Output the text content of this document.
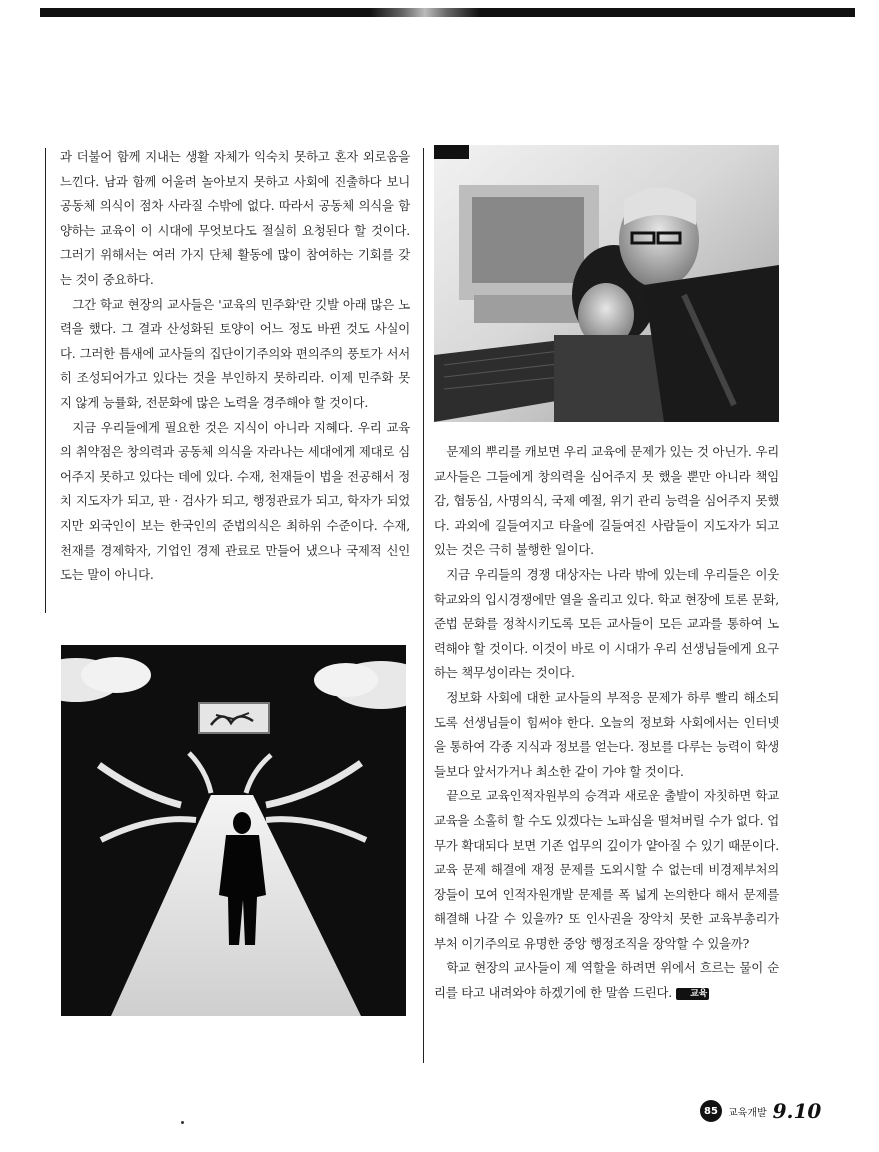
과 더불어 함께 지내는 생활 자체가 익숙치 못하고 혼자 외로움을 느낀다. 남과 함께 어울려 놀아보지 못하고 사회에 진출하다 보니 공동체 의식이 점차 사라질 수밖에 없다. 따라서 공동체 의식을 함양하는 교육이 이 시대에 무엇보다도 절실히 요청된다 할 것이다. 그러기 위해서는 여러 가지 단체 활동에 많이 참여하는 기회를 갖는 것이 중요하다.

그간 학교 현장의 교사들은 '교육의 민주화'란 깃발 아래 많은 노력을 했다. 그 결과 산성화된 토양이 어느 정도 바뀐 것도 사실이다. 그러한 틈새에 교사들의 집단이기주의와 편의주의 풍토가 서서히 조성되어가고 있다는 것을 부인하지 못하리라. 이제 민주화 못지 않게 능률화, 전문화에 많은 노력을 경주해야 할 것이다.

지금 우리들에게 필요한 것은 지식이 아니라 지혜다. 우리 교육의 취약점은 창의력과 공동체 의식을 자라나는 세대에게 제대로 심어주지 못하고 있다는 데에 있다. 수재, 천재들이 법을 전공해서 정치 지도자가 되고, 판 · 검사가 되고, 행정관료가 되고, 학자가 되었지만 외국인이 보는 한국인의 준법의식은 최하위 수준이다. 수재, 천재를 경제학자, 기업인 경제 관료로 만들어 냈으나 국제적 신인도는 말이 아니다.

문제의 뿌리를 캐보면 우리 교육에 문제가 있는 것 아닌가. 우리 교사들은 그들에게 창의력을 심어주지 못 했을 뿐만 아니라 책임감, 협동심, 사명의식, 국제 예절, 위기 관리 능력을 심어주지 못했다. 과외에 길들여지고 타율에 길들여진 사람들이 지도자가 되고 있는 것은 극히 불행한 일이다.

지금 우리들의 경쟁 대상자는 나라 밖에 있는데 우리들은 이웃 학교와의 입시경쟁에만 열을 올리고 있다. 학교 현장에 토론 문화, 준법 문화를 정착시키도록 모든 교사들이 모든 교과를 통하여 노력해야 할 것이다. 이것이 바로 이 시대가 우리 선생님들에게 요구하는 책무성이라는 것이다.

정보화 사회에 대한 교사들의 부적응 문제가 하루 빨리 해소되도록 선생님들이 힘써야 한다. 오늘의 정보화 사회에서는 인터넷을 통하여 각종 지식과 정보를 얻는다. 정보를 다루는 능력이 학생들보다 앞서가거나 최소한 같이 가야 할 것이다.

끝으로 교육인적자원부의 승격과 새로운 출발이 자칫하면 학교교육을 소홀히 할 수도 있겠다는 노파심을 떨쳐버릴 수가 없다. 업무가 확대되다 보면 기존 업무의 깊이가 얕아질 수 있기 때문이다. 교육 문제 해결에 재정 문제를 도외시할 수 없는데 비경제부처의 장들이 모여 인적자원개발 문제를 폭 넓게 논의한다 해서 문제를 해결해 나갈 수 있을까? 또 인사권을 장악치 못한 교육부총리가 부처 이기주의로 유명한 중앙 행정조직을 장악할 수 있을까?

학교 현장의 교사들이 제 역할을 하려면 위에서 흐르는 물이 순리를 타고 내려와야 하겠기에 한 말씀 드린다. 교육

85	교육개발 9.10
